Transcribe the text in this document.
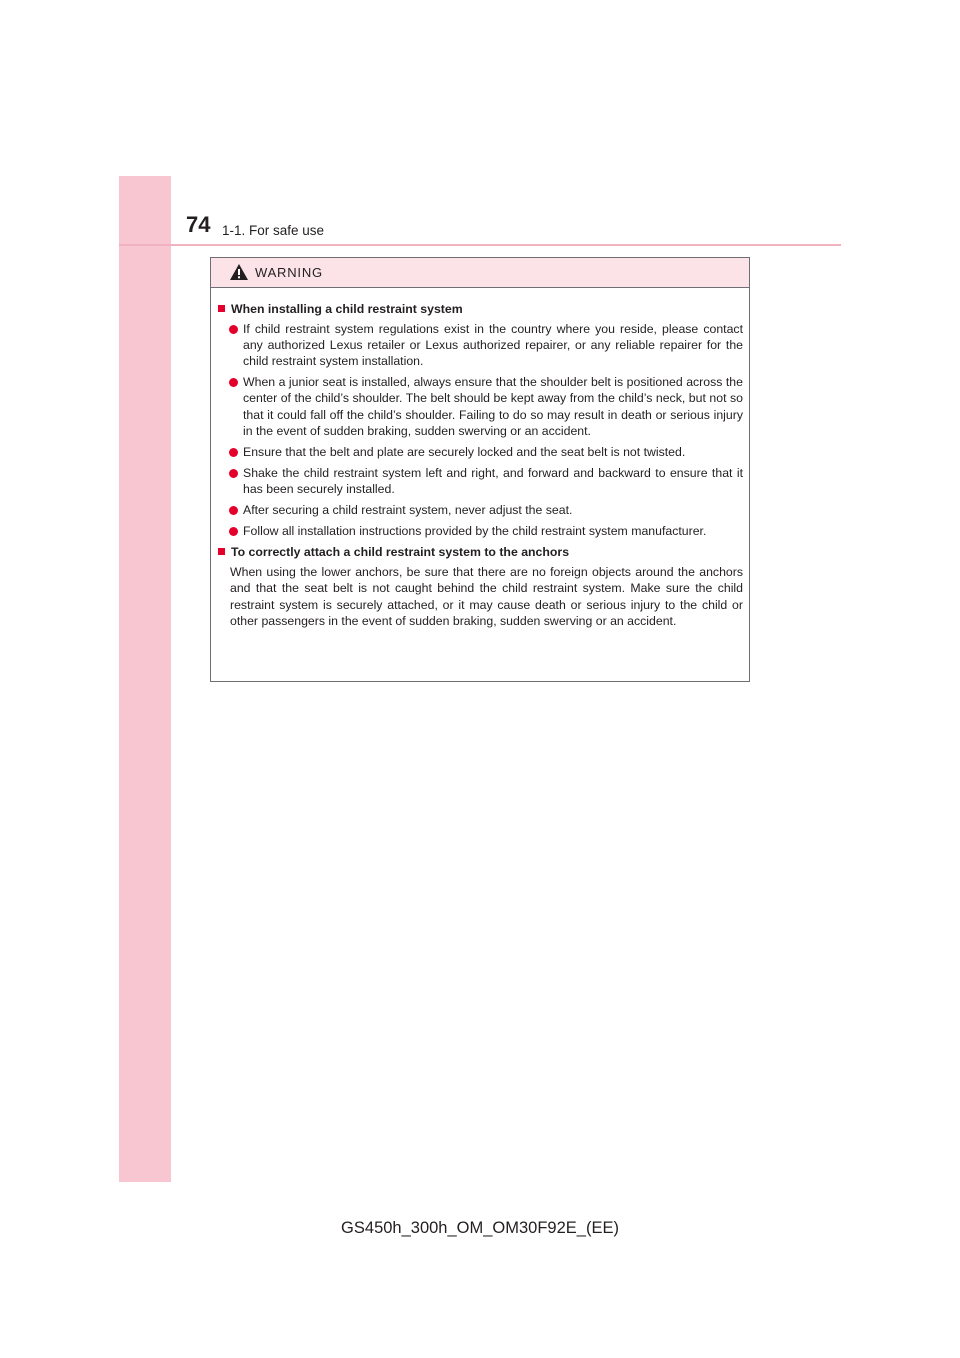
74 1-1. For safe use
WARNING
When installing a child restraint system
If child restraint system regulations exist in the country where you reside, please contact any authorized Lexus retailer or Lexus authorized repairer, or any reliable repairer for the child restraint system installation.
When a junior seat is installed, always ensure that the shoulder belt is positioned across the center of the child’s shoulder. The belt should be kept away from the child’s neck, but not so that it could fall off the child’s shoulder. Failing to do so may result in death or serious injury in the event of sudden braking, sudden swerving or an accident.
Ensure that the belt and plate are securely locked and the seat belt is not twisted.
Shake the child restraint system left and right, and forward and backward to ensure that it has been securely installed.
After securing a child restraint system, never adjust the seat.
Follow all installation instructions provided by the child restraint system manufacturer.
To correctly attach a child restraint system to the anchors

When using the lower anchors, be sure that there are no foreign objects around the anchors and that the seat belt is not caught behind the child restraint system. Make sure the child restraint system is securely attached, or it may cause death or serious injury to the child or other passengers in the event of sudden braking, sudden swerving or an accident.

GS450h_300h_OM_OM30F92E_(EE)
